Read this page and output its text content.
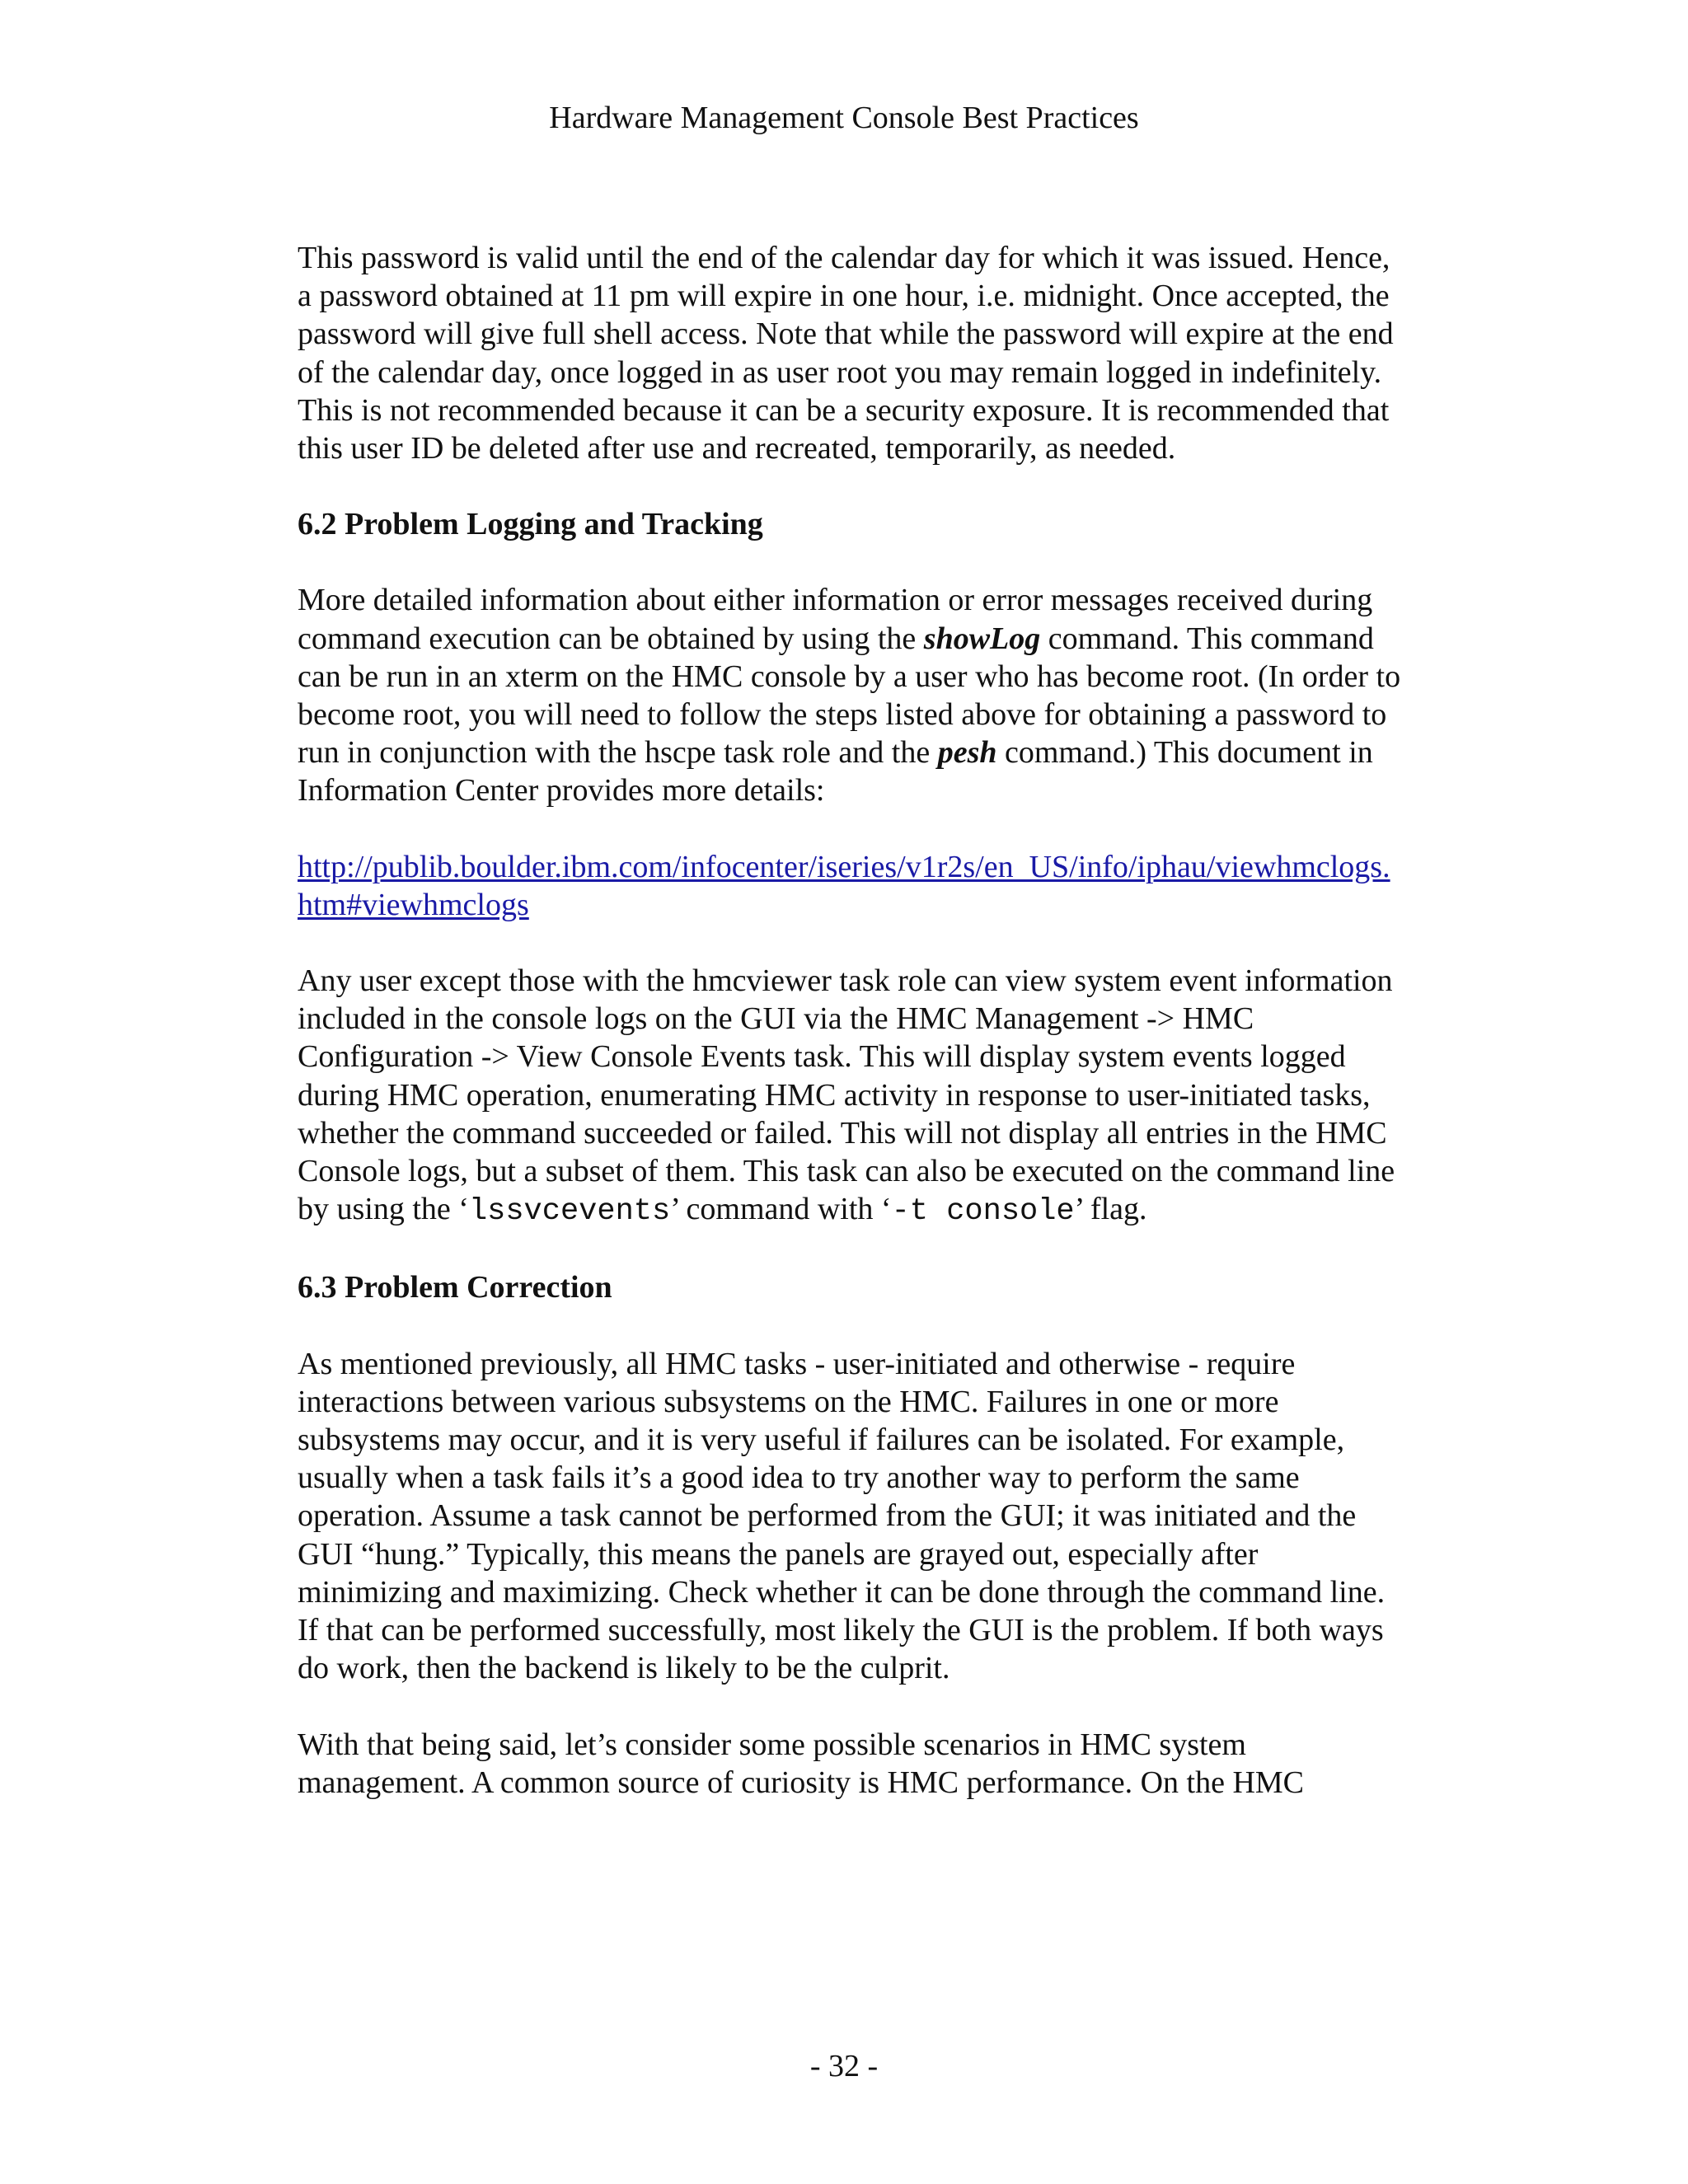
Hardware Management Console Best Practices

This password is valid until the end of the calendar day for which it was issued. Hence, a password obtained at 11 pm will expire in one hour, i.e. midnight. Once accepted, the password will give full shell access. Note that while the password will expire at the end of the calendar day, once logged in as user root you may remain logged in indefinitely. This is not recommended because it can be a security exposure. It is recommended that this user ID be deleted after use and recreated, temporarily, as needed.

6.2 Problem Logging and Tracking

More detailed information about either information or error messages received during command execution can be obtained by using the showLog command. This command can be run in an xterm on the HMC console by a user who has become root. (In order to become root, you will need to follow the steps listed above for obtaining a password to run in conjunction with the hscpe task role and the pesh command.) This document in Information Center provides more details:

http://publib.boulder.ibm.com/infocenter/iseries/v1r2s/en_US/info/iphau/viewhmclogs.htm#viewhmclogs

Any user except those with the hmcviewer task role can view system event information included in the console logs on the GUI via the HMC Management -> HMC Configuration -> View Console Events task. This will display system events logged during HMC operation, enumerating HMC activity in response to user-initiated tasks, whether the command succeeded or failed. This will not display all entries in the HMC Console logs, but a subset of them. This task can also be executed on the command line by using the ‘lssvcevents’ command with ‘-t console’ flag.

6.3 Problem Correction

As mentioned previously, all HMC tasks - user-initiated and otherwise - require interactions between various subsystems on the HMC. Failures in one or more subsystems may occur, and it is very useful if failures can be isolated. For example, usually when a task fails it’s a good idea to try another way to perform the same operation. Assume a task cannot be performed from the GUI; it was initiated and the GUI “hung.” Typically, this means the panels are grayed out, especially after minimizing and maximizing. Check whether it can be done through the command line. If that can be performed successfully, most likely the GUI is the problem. If both ways do work, then the backend is likely to be the culprit.

With that being said, let’s consider some possible scenarios in HMC system management. A common source of curiosity is HMC performance. On the HMC

- 32 -
